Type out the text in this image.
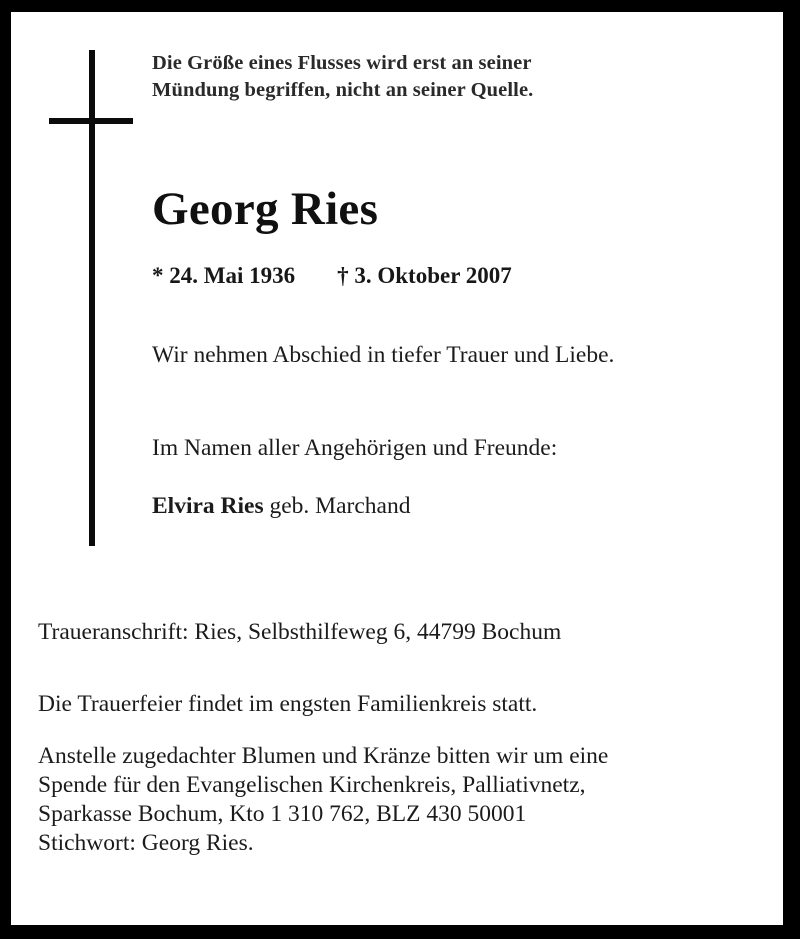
Die Größe eines Flusses wird erst an seiner
Mündung begriffen, nicht an seiner Quelle.

Georg Ries

* 24. Mai 1936 † 3. Oktober 2007

Wir nehmen Abschied in tiefer Trauer und Liebe.

Im Namen aller Angehörigen und Freunde:

Elvira Ries geb. Marchand

Traueranschrift: Ries, Selbsthilfeweg 6, 44799 Bochum

Die Trauerfeier findet im engsten Familienkreis statt.

Anstelle zugedachter Blumen und Kränze bitten wir um eine
Spende für den Evangelischen Kirchenkreis, Palliativnetz,
Sparkasse Bochum, Kto 1 310 762, BLZ 430 50001
Stichwort: Georg Ries.
